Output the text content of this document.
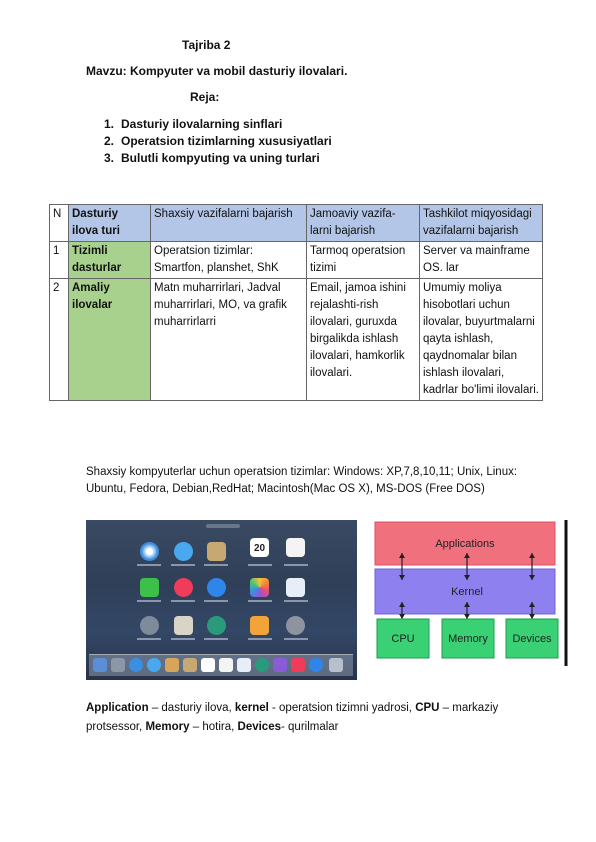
Tajriba 2
Mavzu: Kompyuter va mobil dasturiy ilovalari.
Reja:
1. Dasturiy ilovalarning sinflari
2. Operatsion tizimlarning xususiyatlari
3. Bulutli kompyuting va uning turlari
N	Dasturiy ilova turi	Shaxsiy vazifalarni bajarish	Jamoaviy vazifa-larni bajarish	Tashkilot miqyosidagi vazifalarni bajarish
1	Tizimli dasturlar	Operatsion tizimlar: Smartfon, planshet, ShK	Tarmoq operatsion tizimi	Server va mainframe OS. lar
2	Amaliy ilovalar	Matn muharrirlari, Jadval muharrirlari, MO, va grafik muharrirlarri	Email, jamoa ishini rejalashti-rish ilovalari, guruxda birgalikda ishlash ilovalari, hamkorlik ilovalari.	Umumiy moliya hisobotlari uchun ilovalar, buyurtmalarni qayta ishlash, qaydnomalar bilan ishlash ilovalari, kadrlar bo'limi ilovalari.
Shaxsiy kompyuterlar uchun operatsion tizimlar: Windows: XP,7,8,10,11; Unix, Linux: Ubuntu, Fedora, Debian,RedHat; Macintosh(Mac OS X), MS-DOS (Free DOS)
20	Applications
Kernel
CPU	Memory Devices
Application – dasturiy ilova, kernel - operatsion tizimni yadrosi, CPU – markaziy protsessor, Memory – hotira, Devices- qurilmalar
